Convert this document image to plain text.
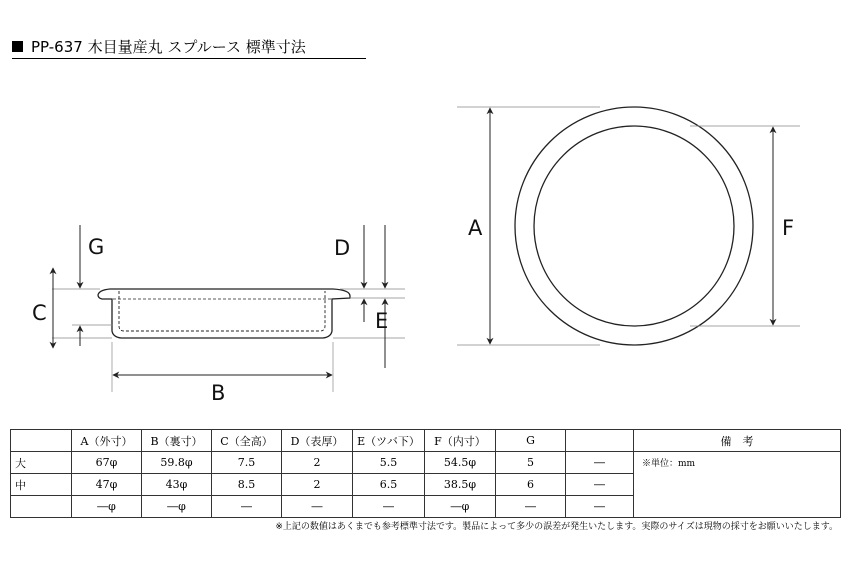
PP-637 木目量産丸 スプルース 標準寸法
A
B
C
D
E
F
G
	A（外寸）	B（裏寸）	C（全高）	D（表厚）	E（ツバ下）	F（内寸）	G		備　考
大	67φ	59.8φ	7.5	2	5.5	54.5φ	5	―	※単位：mm
中	47φ	43φ	8.5	2	6.5	38.5φ	6	―	
	―φ	―φ	―	―	―	―φ	―	―	
※上記の数値はあくまでも参考標準寸法です。製品によって多少の誤差が発生いたします。実際のサイズは現物の採寸をお願いいたします。
